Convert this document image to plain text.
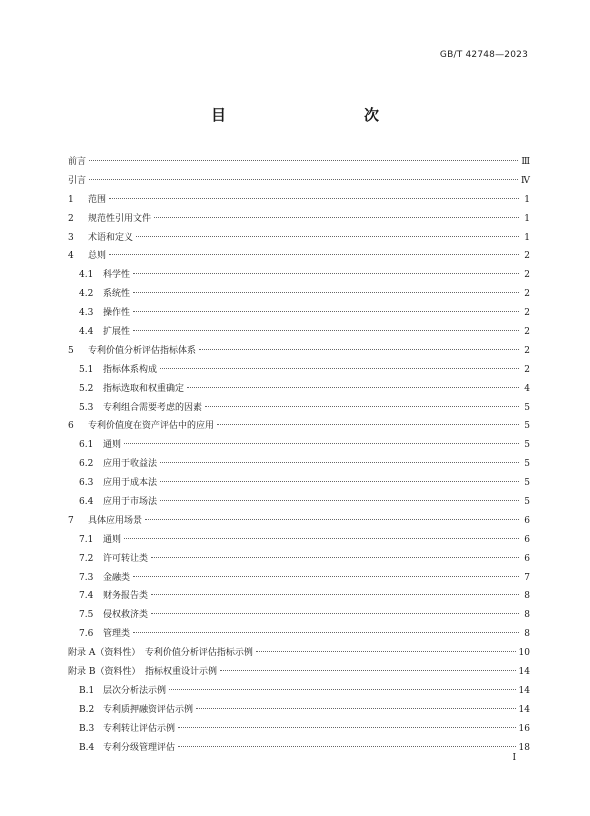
GB/T 42748—2023
目　　次
前言	Ⅲ
引言	Ⅳ
1	范围	1
2	规范性引用文件	1
3	术语和定义	1
4	总则	2
4.1	科学性	2
4.2	系统性	2
4.3	操作性	2
4.4	扩展性	2
5	专利价值分析评估指标体系	2
5.1	指标体系构成	2
5.2	指标选取和权重确定	4
5.3	专利组合需要考虑的因素	5
6	专利价值度在资产评估中的应用	5
6.1	通则	5
6.2	应用于收益法	5
6.3	应用于成本法	5
6.4	应用于市场法	5
7	具体应用场景	6
7.1	通则	6
7.2	许可转让类	6
7.3	金融类	7
7.4	财务报告类	8
7.5	侵权救济类	8
7.6	管理类	8
附录 A（资料性）　专利价值分析评估指标示例	10
附录 B（资料性）　指标权重设计示例	14
B.1 层次分析法示例	14
B.2 专利质押融资评估示例	14
B.3 专利转让评估示例	16
B.4 专利分级管理评估	18
Ⅰ
